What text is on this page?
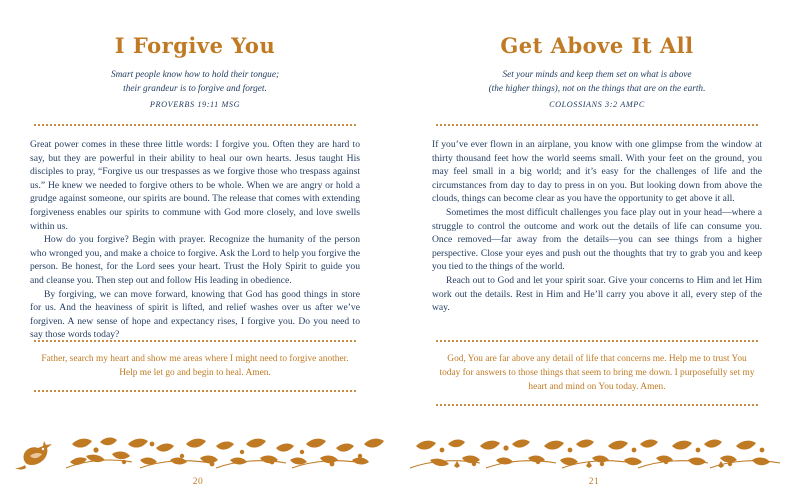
I Forgive You
Smart people know how to hold their tongue;
their grandeur is to forgive and forget.
PROVERBS 19:11 MSG

Great power comes in these three little words: I forgive you. Often they are hard to say, but they are powerful in their ability to heal our own hearts. Jesus taught His disciples to pray, “Forgive us our trespasses as we forgive those who trespass against us.” He knew we needed to forgive others to be whole. When we are angry or hold a grudge against someone, our spirits are bound. The release that comes with extending forgiveness enables our spirits to commune with God more closely, and love swells within us.

How do you forgive? Begin with prayer. Recognize the humanity of the person who wronged you, and make a choice to forgive. Ask the Lord to help you forgive the person. Be honest, for the Lord sees your heart. Trust the Holy Spirit to guide you and cleanse you. Then step out and follow His leading in obedience.

By forgiving, we can move forward, knowing that God has good things in store for us. And the heaviness of spirit is lifted, and relief washes over us after we’ve forgiven. A new sense of hope and expectancy rises, I forgive you. Do you need to say those words today?

Father, search my heart and show me areas where I might need to forgive another. Help me let go and begin to heal. Amen.
20
Get Above It All
Set your minds and keep them set on what is above
(the higher things), not on the things that are on the earth.
COLOSSIANS 3:2 AMPC

If you’ve ever flown in an airplane, you know with one glimpse from the window at thirty thousand feet how the world seems small. With your feet on the ground, you may feel small in a big world; and it’s easy for the challenges of life and the circumstances from day to day to press in on you. But looking down from above the clouds, things can become clear as you have the opportunity to get above it all.

Sometimes the most difficult challenges you face play out in your head—where a struggle to control the outcome and work out the details of life can consume you. Once removed—far away from the details—you can see things from a higher perspective. Close your eyes and push out the thoughts that try to grab you and keep you tied to the things of the world.

Reach out to God and let your spirit soar. Give your concerns to Him and let Him work out the details. Rest in Him and He’ll carry you above it all, every step of the way.

God, You are far above any detail of life that concerns me. Help me to trust You today for answers to those things that seem to bring me down. I purposefully set my heart and mind on You today. Amen.
21
